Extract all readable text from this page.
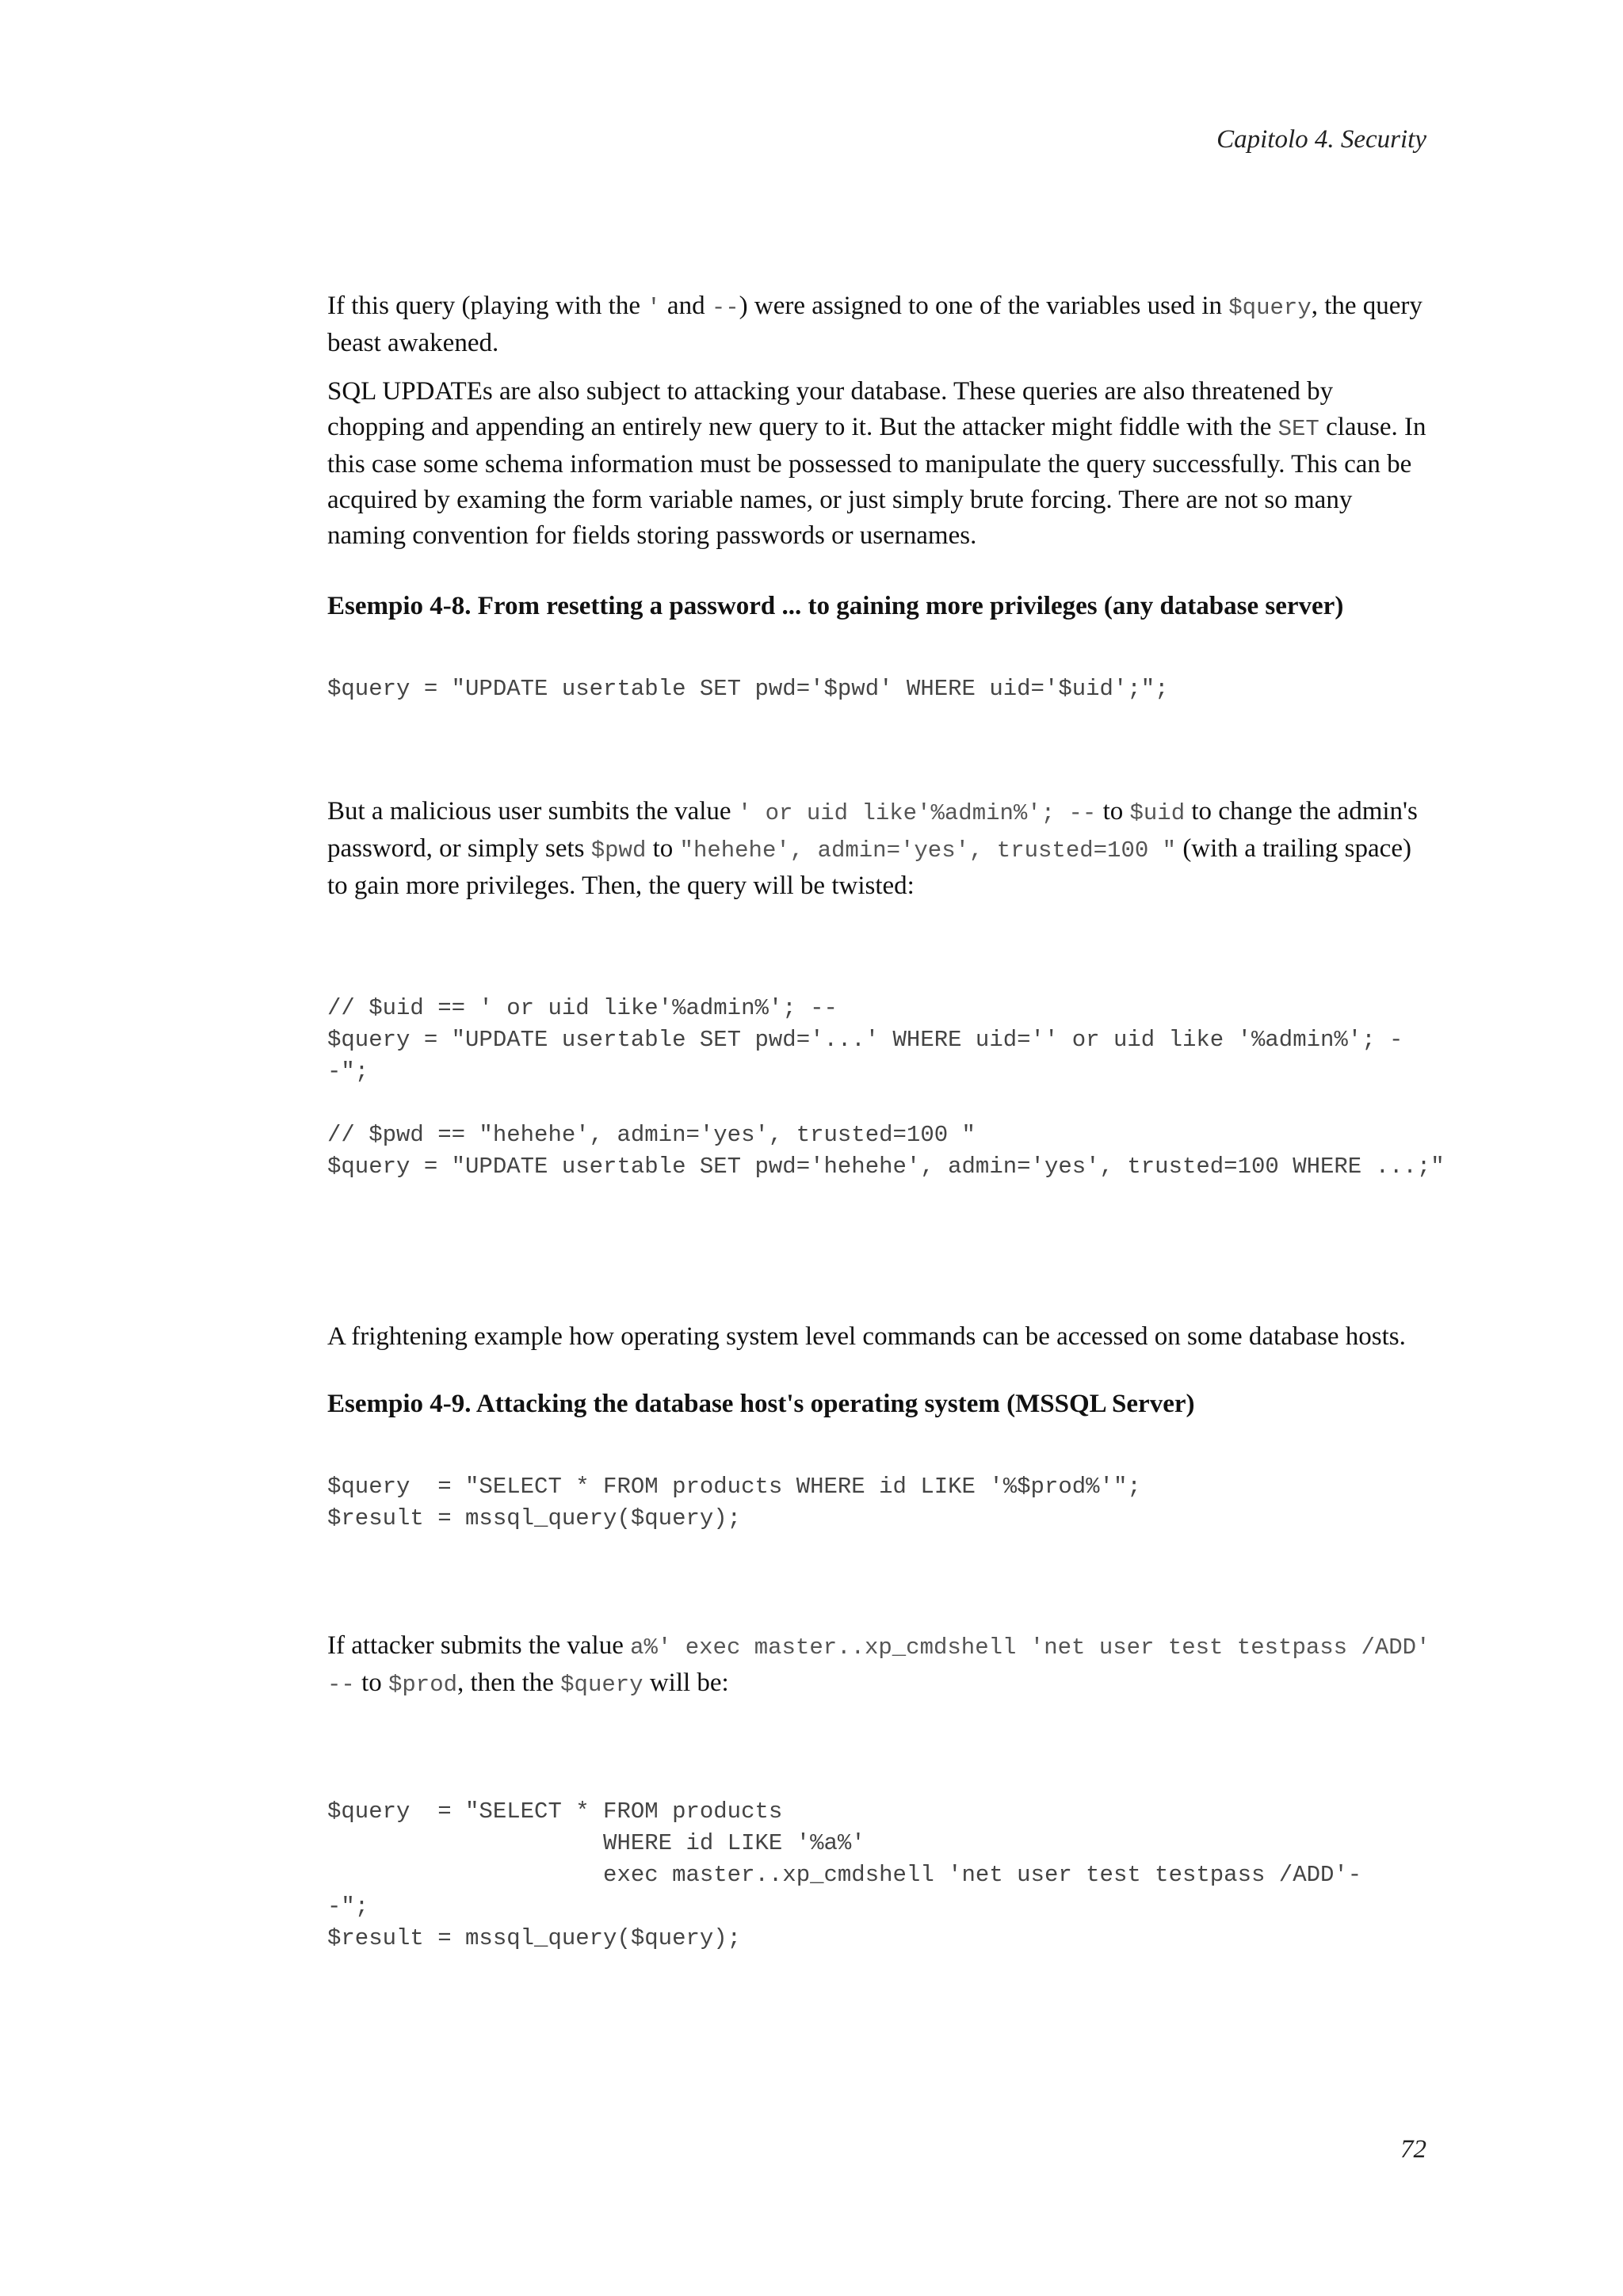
Capitolo 4. Security

If this query (playing with the ' and --) were assigned to one of the variables used in $query, the query beast awakened.

SQL UPDATEs are also subject to attacking your database. These queries are also threatened by chopping and appending an entirely new query to it. But the attacker might fiddle with the SET clause. In this case some schema information must be possessed to manipulate the query successfully. This can be acquired by examing the form variable names, or just simply brute forcing. There are not so many naming convention for fields storing passwords or usernames.

Esempio 4-8. From resetting a password ... to gaining more privileges (any database server)
$query = "UPDATE usertable SET pwd='$pwd' WHERE uid='$uid';";

But a malicious user sumbits the value ' or uid like'%admin%'; -- to $uid to change the admin's password, or simply sets $pwd to "hehehe', admin='yes', trusted=100 " (with a trailing space) to gain more privileges. Then, the query will be twisted:

// $uid == ' or uid like'%admin%'; --
$query = "UPDATE usertable SET pwd='...' WHERE uid='' or uid like '%admin%'; -
-";

// $pwd == "hehehe', admin='yes', trusted=100 "
$query = "UPDATE usertable SET pwd='hehehe', admin='yes', trusted=100 WHERE ...;"

A frightening example how operating system level commands can be accessed on some database hosts.

Esempio 4-9. Attacking the database host's operating system (MSSQL Server)
$query  = "SELECT * FROM products WHERE id LIKE '%$prod%'";
$result = mssql_query($query);

If attacker submits the value a%' exec master..xp_cmdshell 'net user test testpass /ADD' -- to $prod, then the $query will be:

$query  = "SELECT * FROM products
WHERE id LIKE '%a%'
exec master..xp_cmdshell 'net user test testpass /ADD'-
-";
$result = mssql_query($query);
72
